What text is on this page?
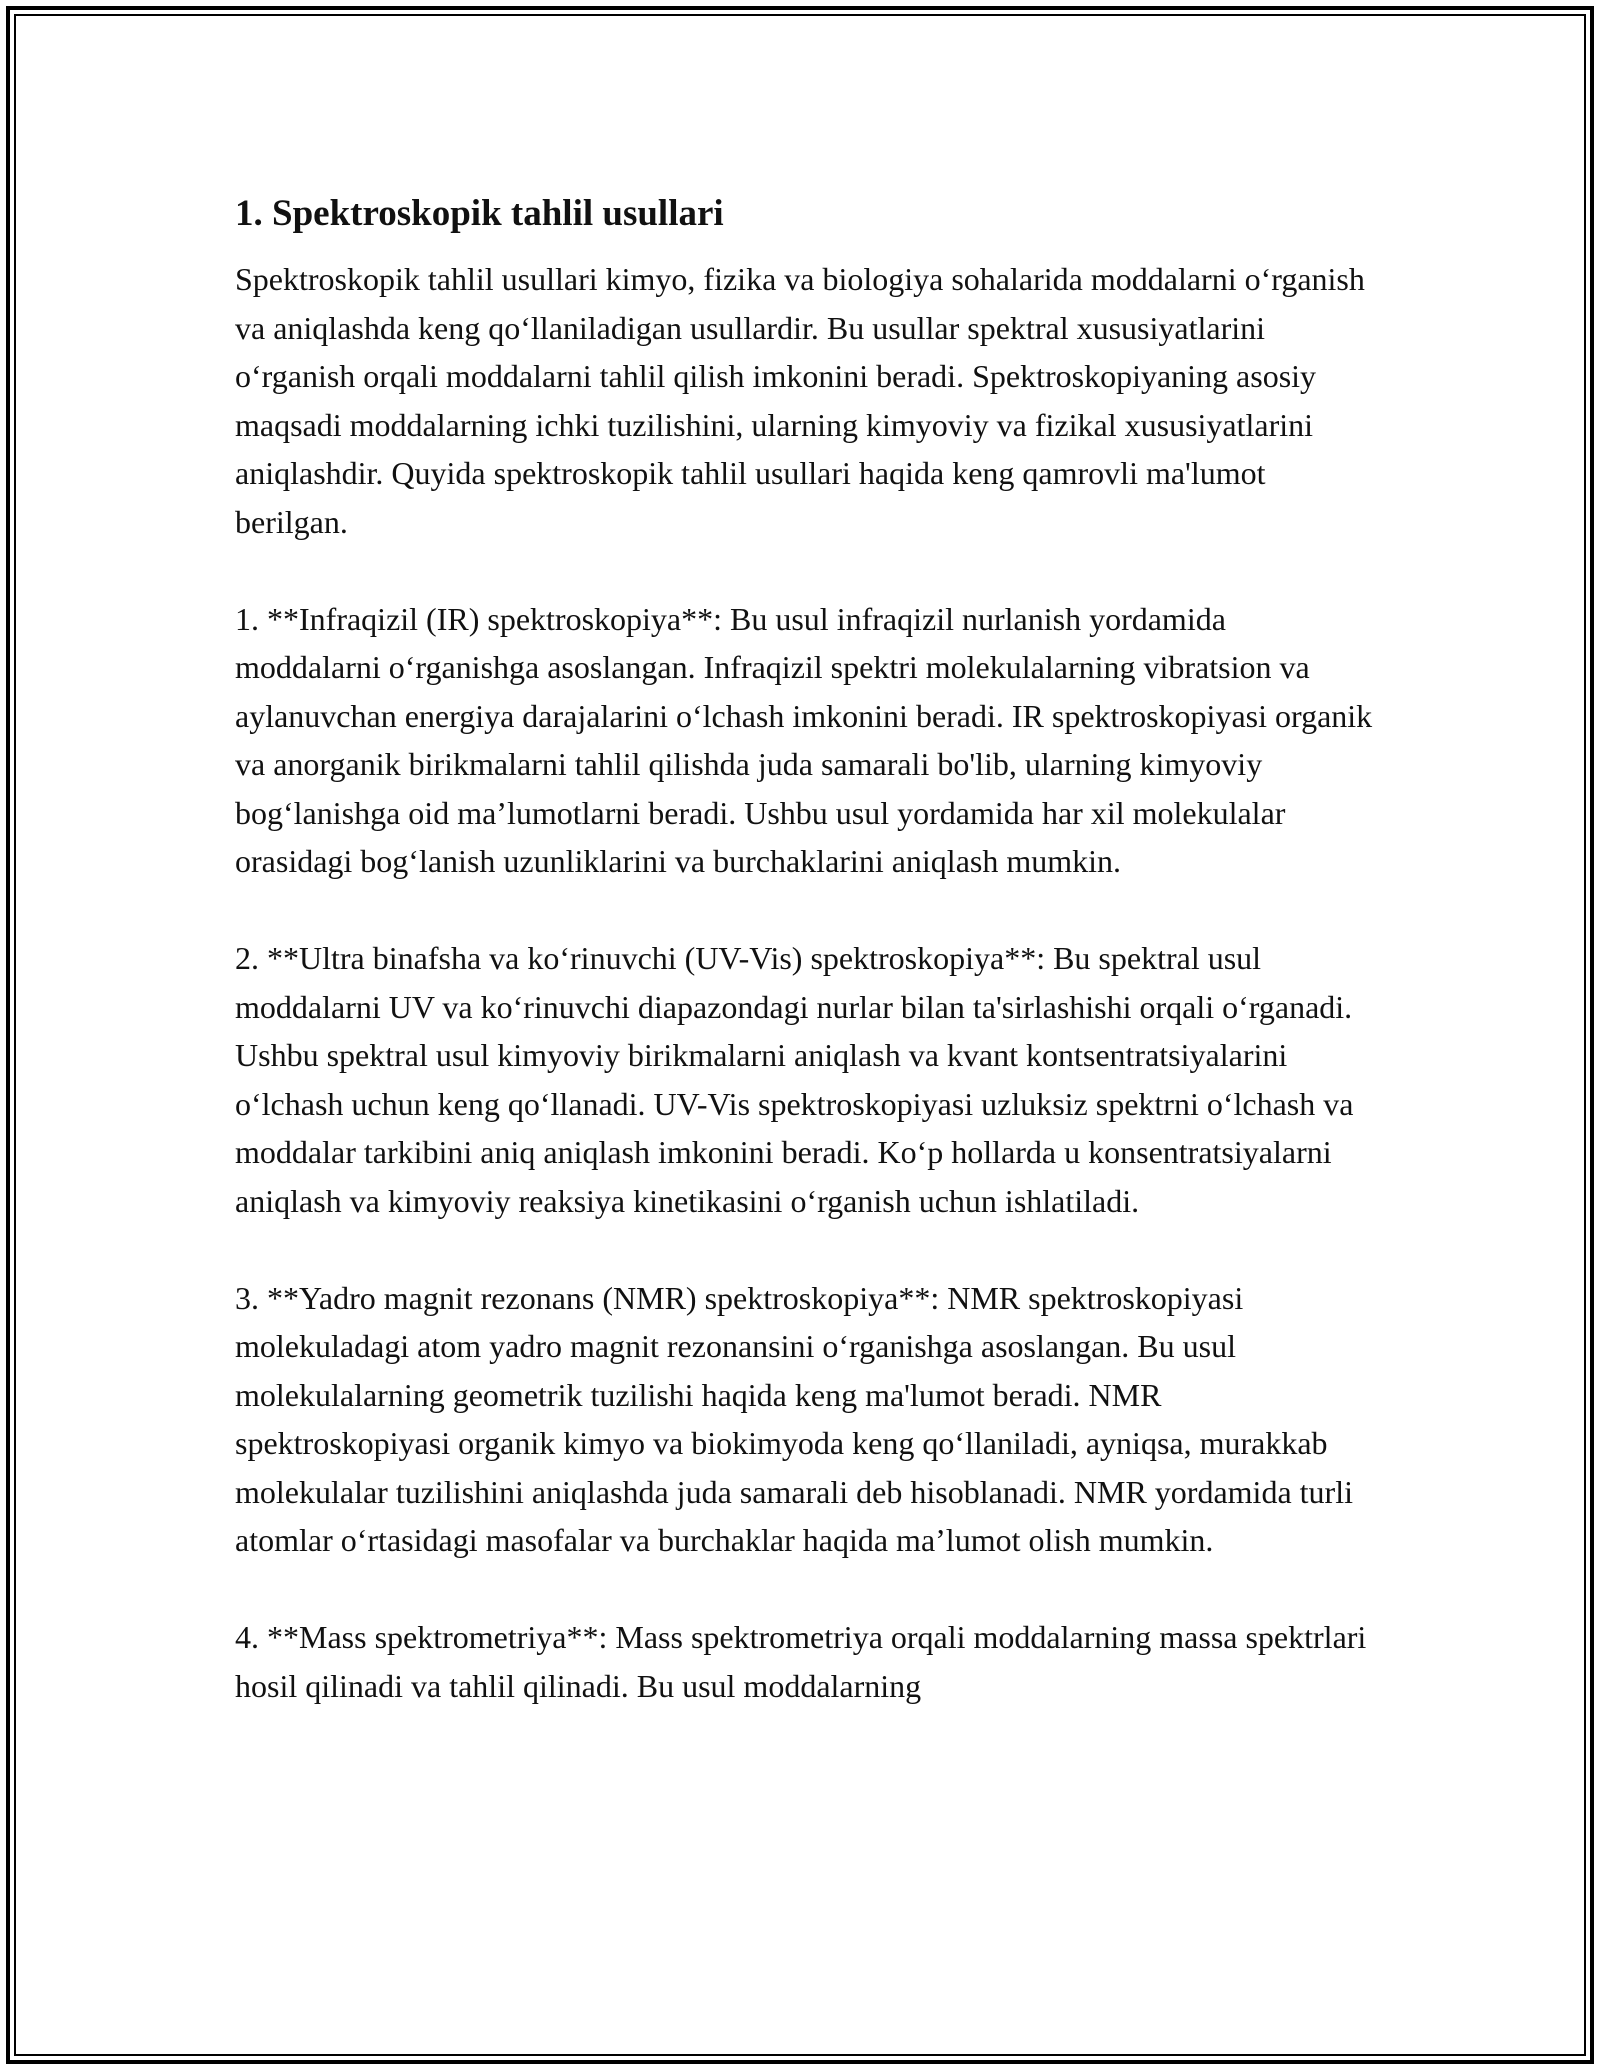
1. Spektroskopik tahlil usullari

Spektroskopik tahlil usullari kimyo, fizika va biologiya sohalarida moddalarni o‘rganish va aniqlashda keng qo‘llaniladigan usullardir. Bu usullar spektral xususiyatlarini o‘rganish orqali moddalarni tahlil qilish imkonini beradi. Spektroskopiyaning asosiy maqsadi moddalarning ichki tuzilishini, ularning kimyoviy va fizikal xususiyatlarini aniqlashdir. Quyida spektroskopik tahlil usullari haqida keng qamrovli ma'lumot berilgan.

1. **Infraqizil (IR) spektroskopiya**: Bu usul infraqizil nurlanish yordamida moddalarni o‘rganishga asoslangan. Infraqizil spektri molekulalarning vibratsion va aylanuvchan energiya darajalarini o‘lchash imkonini beradi. IR spektroskopiyasi organik va anorganik birikmalarni tahlil qilishda juda samarali bo'lib, ularning kimyoviy bog‘lanishga oid ma’lumotlarni beradi. Ushbu usul yordamida har xil molekulalar orasidagi bog‘lanish uzunliklarini va burchaklarini aniqlash mumkin.

2. **Ultra binafsha va ko‘rinuvchi (UV-Vis) spektroskopiya**: Bu spektral usul moddalarni UV va ko‘rinuvchi diapazondagi nurlar bilan ta'sirlashishi orqali o‘rganadi. Ushbu spektral usul kimyoviy birikmalarni aniqlash va kvant kontsentratsiyalarini o‘lchash uchun keng qo‘llanadi. UV-Vis spektroskopiyasi uzluksiz spektrni o‘lchash va moddalar tarkibini aniq aniqlash imkonini beradi. Ko‘p hollarda u konsentratsiyalarni aniqlash va kimyoviy reaksiya kinetikasini o‘rganish uchun ishlatiladi.

3. **Yadro magnit rezonans (NMR) spektroskopiya**: NMR spektroskopiyasi molekuladagi atom yadro magnit rezonansini o‘rganishga asoslangan. Bu usul molekulalarning geometrik tuzilishi haqida keng ma'lumot beradi. NMR spektroskopiyasi organik kimyo va biokimyoda keng qo‘llaniladi, ayniqsa, murakkab molekulalar tuzilishini aniqlashda juda samarali deb hisoblanadi. NMR yordamida turli atomlar o‘rtasidagi masofalar va burchaklar haqida ma’lumot olish mumkin.

4. **Mass spektrometriya**: Mass spektrometriya orqali moddalarning massa spektrlari hosil qilinadi va tahlil qilinadi. Bu usul moddalarning
